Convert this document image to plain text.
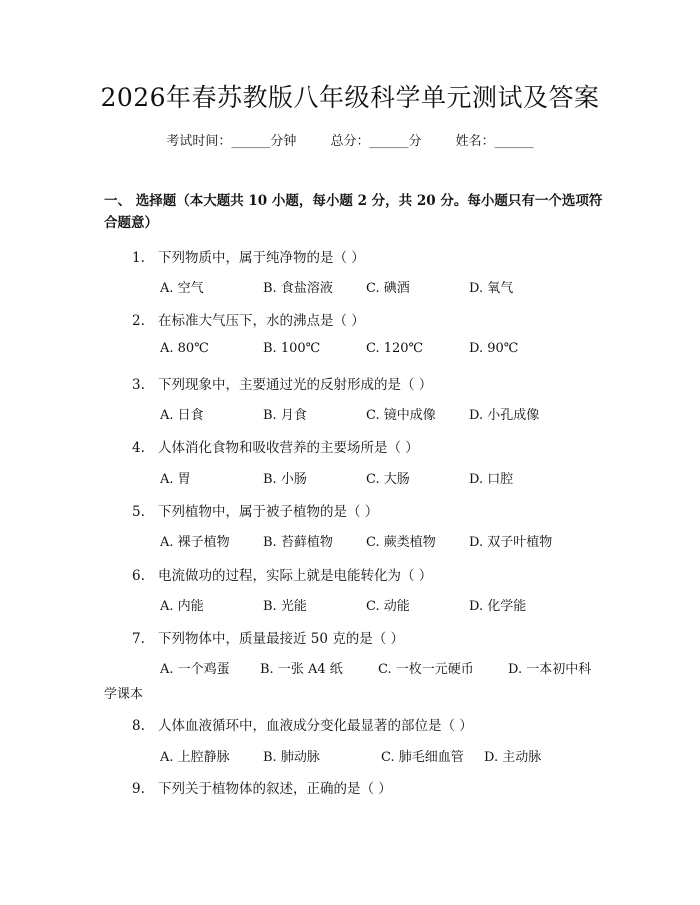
2026年春苏教版八年级科学单元测试及答案
考试时间：______分钟	总分：______分	姓名：______
一、 选择题（本大题共 10 小题，每小题 2 分，共 20 分。每小题只有一个选项符合题意）
1. 下列物质中，属于纯净物的是（ ）
A. 空气	B. 食盐溶液	C. 碘酒	D. 氧气
2. 在标准大气压下，水的沸点是（ ）
A. 80℃	B. 100℃	C. 120℃	D. 90℃
3. 下列现象中，主要通过光的反射形成的是（ ）
A. 日食	B. 月食	C. 镜中成像	D. 小孔成像
4. 人体消化食物和吸收营养的主要场所是（ ）
A. 胃	B. 小肠	C. 大肠	D. 口腔
5. 下列植物中，属于被子植物的是（ ）
A. 裸子植物	B. 苔藓植物	C. 蕨类植物	D. 双子叶植物
6. 电流做功的过程，实际上就是电能转化为（ ）
A. 内能	B. 光能	C. 动能	D. 化学能
7. 下列物体中，质量最接近 50 克的是（ ）
A. 一个鸡蛋 B. 一张 A4 纸	C. 一枚一元硬币	D. 一本初中科
学课本
8. 人体血液循环中，血液成分变化最显著的部位是（ ）
A. 上腔静脉	B. 肺动脉	C. 肺毛细血管 D. 主动脉
9. 下列关于植物体的叙述，正确的是（ ）
